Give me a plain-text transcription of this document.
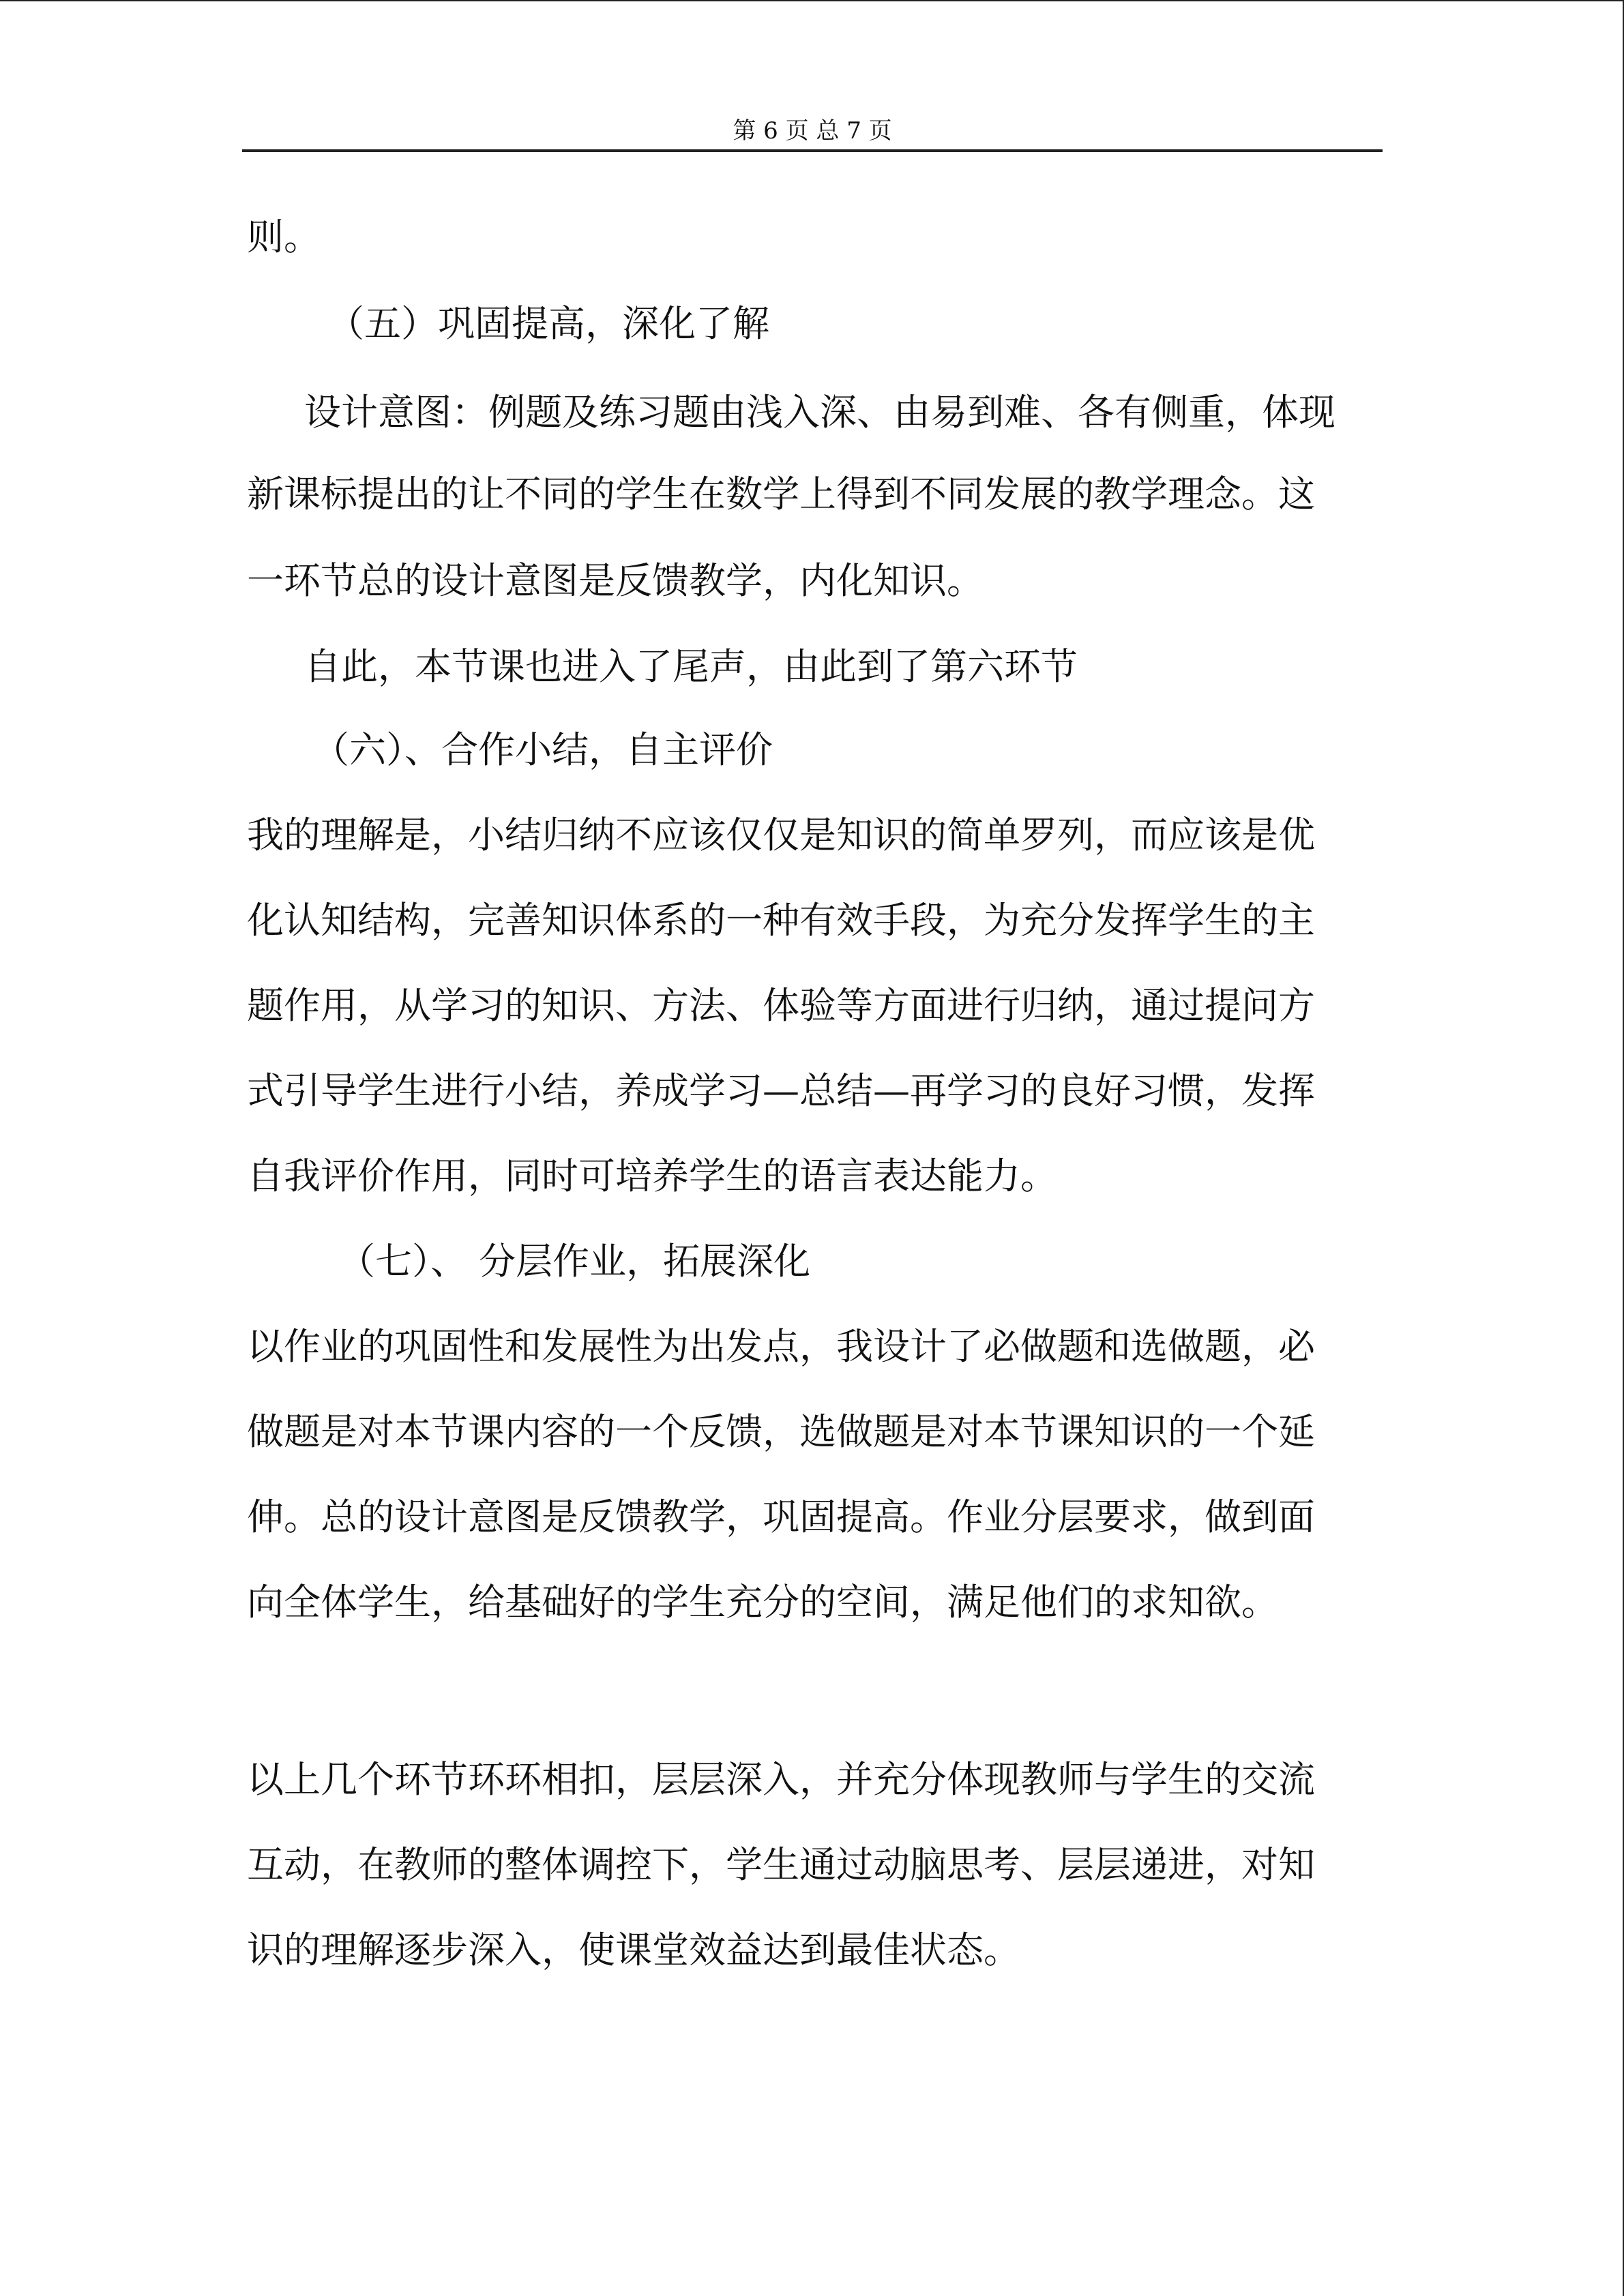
第 6 页 总 7 页
则。
（五）巩固提高，深化了解
设计意图：例题及练习题由浅入深、由易到难、各有侧重，体现
新课标提出的让不同的学生在数学上得到不同发展的教学理念。这
一环节总的设计意图是反馈教学，内化知识。
自此，本节课也进入了尾声，由此到了第六环节
（六）、合作小结，自主评价
我的理解是，小结归纳不应该仅仅是知识的简单罗列，而应该是优
化认知结构，完善知识体系的一种有效手段，为充分发挥学生的主
题作用，从学习的知识、方法、体验等方面进行归纳，通过提问方
式引导学生进行小结，养成学习—总结—再学习的良好习惯，发挥
自我评价作用，同时可培养学生的语言表达能力。
（七）、 分层作业，拓展深化
以作业的巩固性和发展性为出发点，我设计了必做题和选做题，必
做题是对本节课内容的一个反馈，选做题是对本节课知识的一个延
伸。总的设计意图是反馈教学，巩固提高。作业分层要求，做到面
向全体学生，给基础好的学生充分的空间，满足他们的求知欲。
以上几个环节环环相扣，层层深入，并充分体现教师与学生的交流
互动，在教师的整体调控下，学生通过动脑思考、层层递进，对知
识的理解逐步深入，使课堂效益达到最佳状态。
